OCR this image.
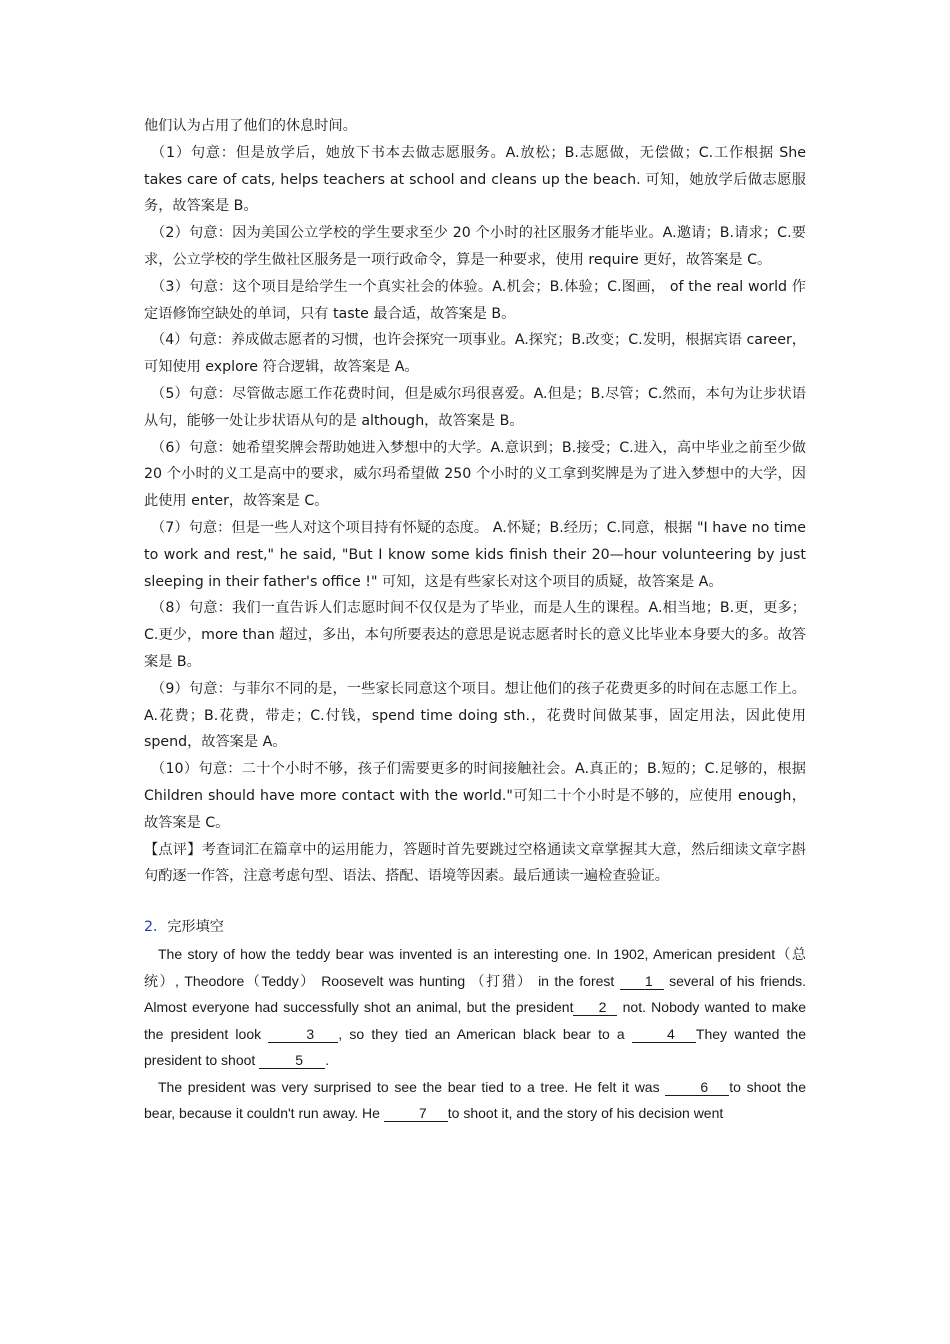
他们认为占用了他们的休息时间。

（1）句意：但是放学后，她放下书本去做志愿服务。A.放松；B.志愿做，无偿做；C.工作根据 She takes care of cats, helps teachers at school and cleans up the beach. 可知，她放学后做志愿服务，故答案是 B。

（2）句意：因为美国公立学校的学生要求至少 20 个小时的社区服务才能毕业。A.邀请；B.请求；C.要求，公立学校的学生做社区服务是一项行政命令，算是一种要求，使用 require 更好，故答案是 C。

（3）句意：这个项目是给学生一个真实社会的体验。A.机会；B.体验；C.图画， of the real world 作定语修饰空缺处的单词，只有 taste 最合适，故答案是 B。

（4）句意：养成做志愿者的习惯，也许会探究一项事业。A.探究；B.改变；C.发明，根据宾语 career，可知使用 explore 符合逻辑，故答案是 A。

（5）句意：尽管做志愿工作花费时间，但是威尔玛很喜爱。A.但是；B.尽管；C.然而，本句为让步状语从句，能够一处让步状语从句的是 although，故答案是 B。

（6）句意：她希望奖牌会帮助她进入梦想中的大学。A.意识到；B.接受；C.进入，高中毕业之前至少做 20 个小时的义工是高中的要求，威尔玛希望做 250 个小时的义工拿到奖牌是为了进入梦想中的大学，因此使用 enter，故答案是 C。

（7）句意：但是一些人对这个项目持有怀疑的态度。 A.怀疑；B.经历；C.同意，根据 "I have no time to work and rest," he said, "But I know some kids finish their 20—hour volunteering by just sleeping in their father's office !" 可知，这是有些家长对这个项目的质疑，故答案是 A。

（8）句意：我们一直告诉人们志愿时间不仅仅是为了毕业，而是人生的课程。A.相当地；B.更，更多；C.更少，more than 超过，多出，本句所要表达的意思是说志愿者时长的意义比毕业本身要大的多。故答案是 B。

（9）句意：与菲尔不同的是，一些家长同意这个项目。想让他们的孩子花费更多的时间在志愿工作上。A.花费；B.花费，带走；C.付钱，spend time doing sth.，花费时间做某事，固定用法，因此使用 spend，故答案是 A。

（10）句意：二十个小时不够，孩子们需要更多的时间接触社会。A.真正的；B.短的；C.足够的，根据 Children should have more contact with the world."可知二十个小时是不够的，应使用 enough，故答案是 C。

【点评】考查词汇在篇章中的运用能力，答题时首先要跳过空格通读文章掌握其大意，然后细读文章字斟句酌逐一作答，注意考虑句型、语法、搭配、语境等因素。最后通读一遍检查验证。

2．完形填空

The story of how the teddy bear was invented is an interesting one. In 1902, American president（总统）, Theodore（Teddy） Roosevelt was hunting （打猎） in the forest 1 several of his friends. Almost everyone had successfully shot an animal, but the president 2 not. Nobody wanted to make the president look	3 , so they tied an American black bear to a	4 They wanted the president to shoot	5 .

The president was very surprised to see the bear tied to a tree. He felt it was	6 to shoot the bear, because it couldn't run away. He	7 to shoot it, and the story of his decision went
